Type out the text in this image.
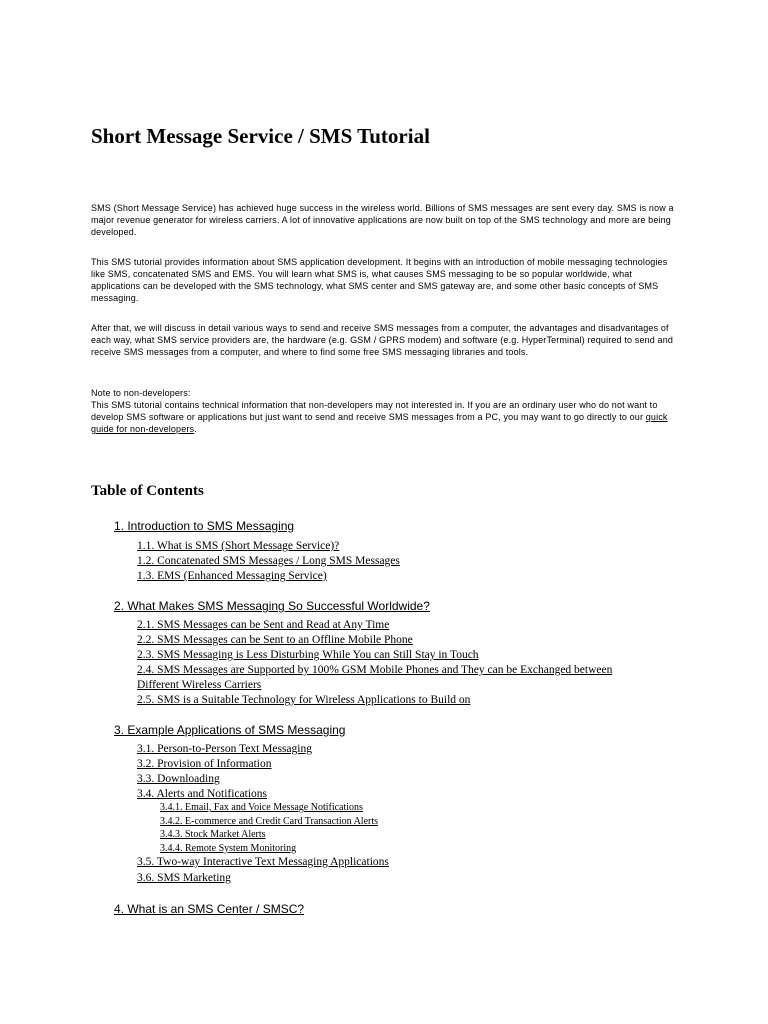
Short Message Service / SMS Tutorial

SMS (Short Message Service) has achieved huge success in the wireless world. Billions of SMS messages are sent every day. SMS is now a major revenue generator for wireless carriers. A lot of innovative applications are now built on top of the SMS technology and more are being developed.

This SMS tutorial provides information about SMS application development. It begins with an introduction of mobile messaging technologies like SMS, concatenated SMS and EMS. You will learn what SMS is, what causes SMS messaging to be so popular worldwide, what applications can be developed with the SMS technology, what SMS center and SMS gateway are, and some other basic concepts of SMS messaging.

After that, we will discuss in detail various ways to send and receive SMS messages from a computer, the advantages and disadvantages of each way, what SMS service providers are, the hardware (e.g. GSM / GPRS modem) and software (e.g. HyperTerminal) required to send and receive SMS messages from a computer, and where to find some free SMS messaging libraries and tools.

Note to non-developers:
This SMS tutorial contains technical information that non-developers may not interested in. If you are an ordinary user who do not want to develop SMS software or applications but just want to send and receive SMS messages from a PC, you may want to go directly to our quick guide for non-developers.

Table of Contents
1. Introduction to SMS Messaging
1.1. What is SMS (Short Message Service)?
1.2. Concatenated SMS Messages / Long SMS Messages
1.3. EMS (Enhanced Messaging Service)
2. What Makes SMS Messaging So Successful Worldwide?
2.1. SMS Messages can be Sent and Read at Any Time
2.2. SMS Messages can be Sent to an Offline Mobile Phone
2.3. SMS Messaging is Less Disturbing While You can Still Stay in Touch
2.4. SMS Messages are Supported by 100% GSM Mobile Phones and They can be Exchanged between
Different Wireless Carriers
2.5. SMS is a Suitable Technology for Wireless Applications to Build on
3. Example Applications of SMS Messaging
3.1. Person-to-Person Text Messaging
3.2. Provision of Information
3.3. Downloading
3.4. Alerts and Notifications
3.4.1. Email, Fax and Voice Message Notifications
3.4.2. E-commerce and Credit Card Transaction Alerts
3.4.3. Stock Market Alerts
3.4.4. Remote System Monitoring
3.5. Two-way Interactive Text Messaging Applications
3.6. SMS Marketing
4. What is an SMS Center / SMSC?
